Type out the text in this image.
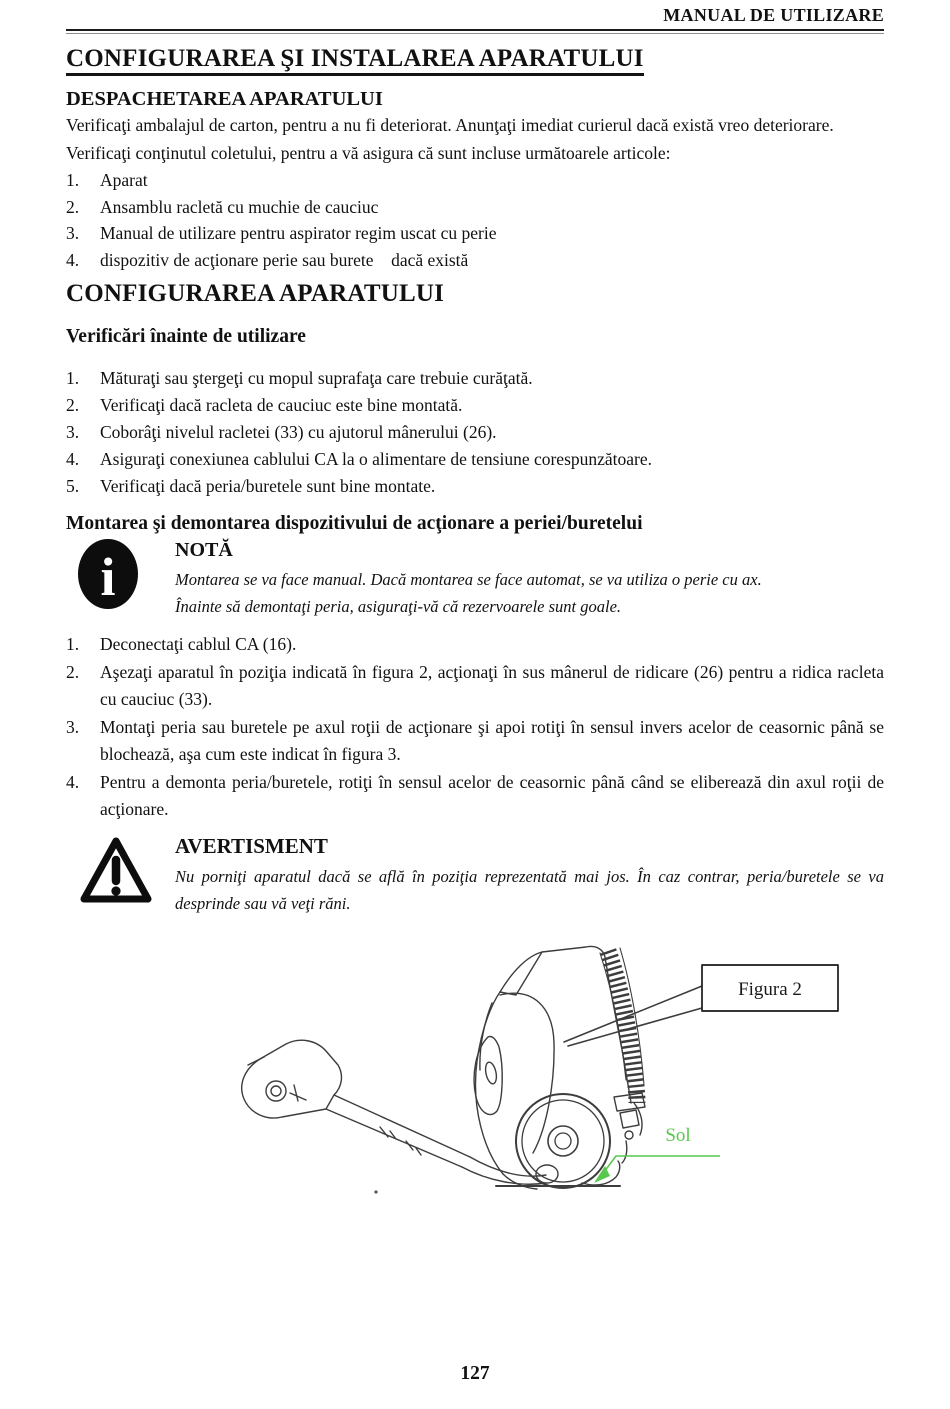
MANUAL DE UTILIZARE
CONFIGURAREA ŞI INSTALAREA APARATULUI
DESPACHETAREA APARATULUI

Verificaţi ambalajul de carton, pentru a nu fi deteriorat. Anunţaţi imediat curierul dacă există vreo deteriorare.

Verificaţi conţinutul coletului, pentru a vă asigura că sunt incluse următoarele articole:

1.	Aparat
2.	Ansamblu racletă cu muchie de cauciuc
3.	Manual de utilizare pentru aspirator regim uscat cu perie
4.	dispozitiv de acţionare perie sau burete    dacă există
CONFIGURAREA APARATULUI
Verificări înainte de utilizare
1.	Măturaţi sau ştergeţi cu mopul suprafaţa care trebuie curăţată.
2.	Verificaţi dacă racleta de cauciuc este bine montată.
3.	Coborâţi nivelul racletei (33) cu ajutorul mânerului (26).
4.	Asiguraţi conexiunea cablului CA la o alimentare de tensiune corespunzătoare.
5.	Verificaţi dacă peria/buretele sunt bine montate.
Montarea şi demontarea dispozitivului de acţionare a periei/buretelui
i	NOTĂ

Montarea se va face manual. Dacă montarea se face automat, se va utiliza o perie cu ax.

Înainte să demontaţi peria, asiguraţi-vă că rezervoarele sunt goale.

1.	Deconectaţi cablul CA (16).
2.	Aşezaţi aparatul în poziţia indicată în figura 2, acţionaţi în sus mânerul de ridicare (26) pentru a ridica racleta cu cauciuc (33).
3.	Montaţi peria sau buretele pe axul roţii de acţionare şi apoi rotiţi în sensul invers acelor de ceasornic până se blochează, aşa cum este indicat în figura 3.
4.	Pentru a demonta peria/buretele, rotiţi în sensul acelor de ceasornic până când se eliberează din axul roţii de acţionare.
AVERTISMENT

Nu porniţi aparatul dacă se află în poziţia reprezentată mai jos. În caz contrar, peria/buretele se va desprinde sau vă veţi răni.

Figura 2
Sol
127
